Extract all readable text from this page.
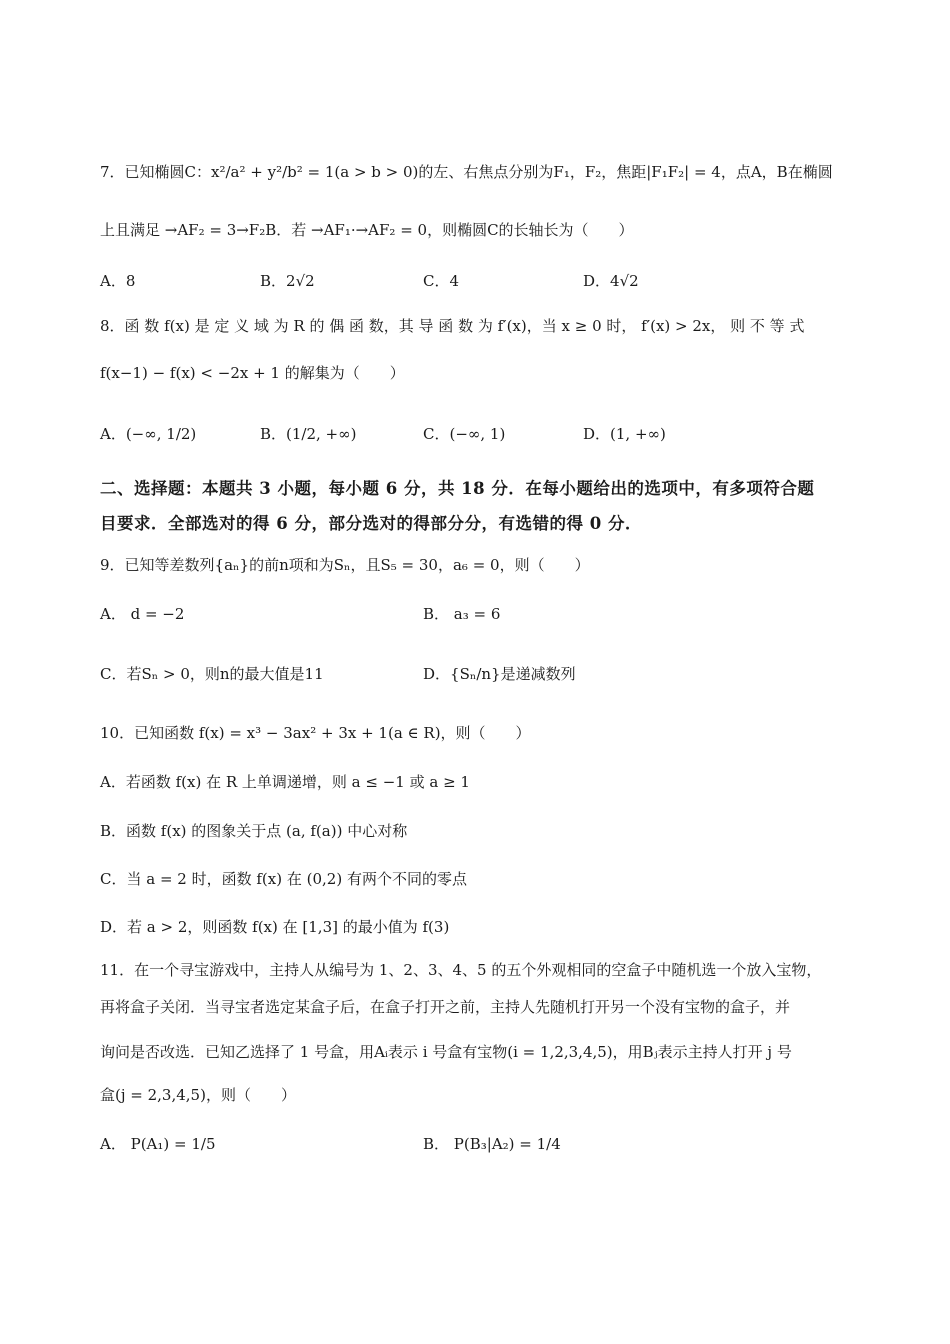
7．已知椭圆C：x²/a² + y²/b² = 1(a > b > 0)的左、右焦点分别为F₁，F₂，焦距|F₁F₂| = 4，点A，B在椭圆
上且满足 →AF₂ = 3→F₂B．若 →AF₁·→AF₂ = 0，则椭圆C的长轴长为（　　）
A．8	B．2√2	C．4	D．4√2
8．函 数 f(x) 是 定 义 域 为 R 的 偶 函 数，其 导 函 数 为 f′(x)，当 x ≥ 0 时， f′(x) > 2x， 则 不 等 式
f(x−1) − f(x) < −2x + 1 的解集为（　　）
A．(−∞, 1/2)	B．(1/2, +∞)	C．(−∞, 1)	D．(1, +∞)
二、选择题：本题共 3 小题，每小题 6 分，共 18 分．在每小题给出的选项中，有多项符合题
目要求．全部选对的得 6 分，部分选对的得部分分，有选错的得 0 分．
9．已知等差数列{aₙ}的前n项和为Sₙ，且S₅ = 30，a₆ = 0，则（　　）
A． d = −2	B． a₃ = 6
C．若Sₙ > 0，则n的最大值是11	D．{Sₙ/n}是递减数列
10．已知函数 f(x) = x³ − 3ax² + 3x + 1(a ∈ R)，则（　　）
A．若函数 f(x) 在 R 上单调递增，则 a ≤ −1 或 a ≥ 1
B．函数 f(x) 的图象关于点 (a, f(a)) 中心对称
C．当 a = 2 时，函数 f(x) 在 (0,2) 有两个不同的零点
D．若 a > 2，则函数 f(x) 在 [1,3] 的最小值为 f(3)
11．在一个寻宝游戏中，主持人从编号为 1、2、3、4、5 的五个外观相同的空盒子中随机选一个放入宝物，
再将盒子关闭．当寻宝者选定某盒子后，在盒子打开之前，主持人先随机打开另一个没有宝物的盒子，并
询问是否改选．已知乙选择了 1 号盒，用Aᵢ表示 i 号盒有宝物(i = 1,2,3,4,5)，用Bⱼ表示主持人打开 j 号
盒(j = 2,3,4,5)，则（　　）
A． P(A₁) = 1/5	B． P(B₃|A₂) = 1/4
